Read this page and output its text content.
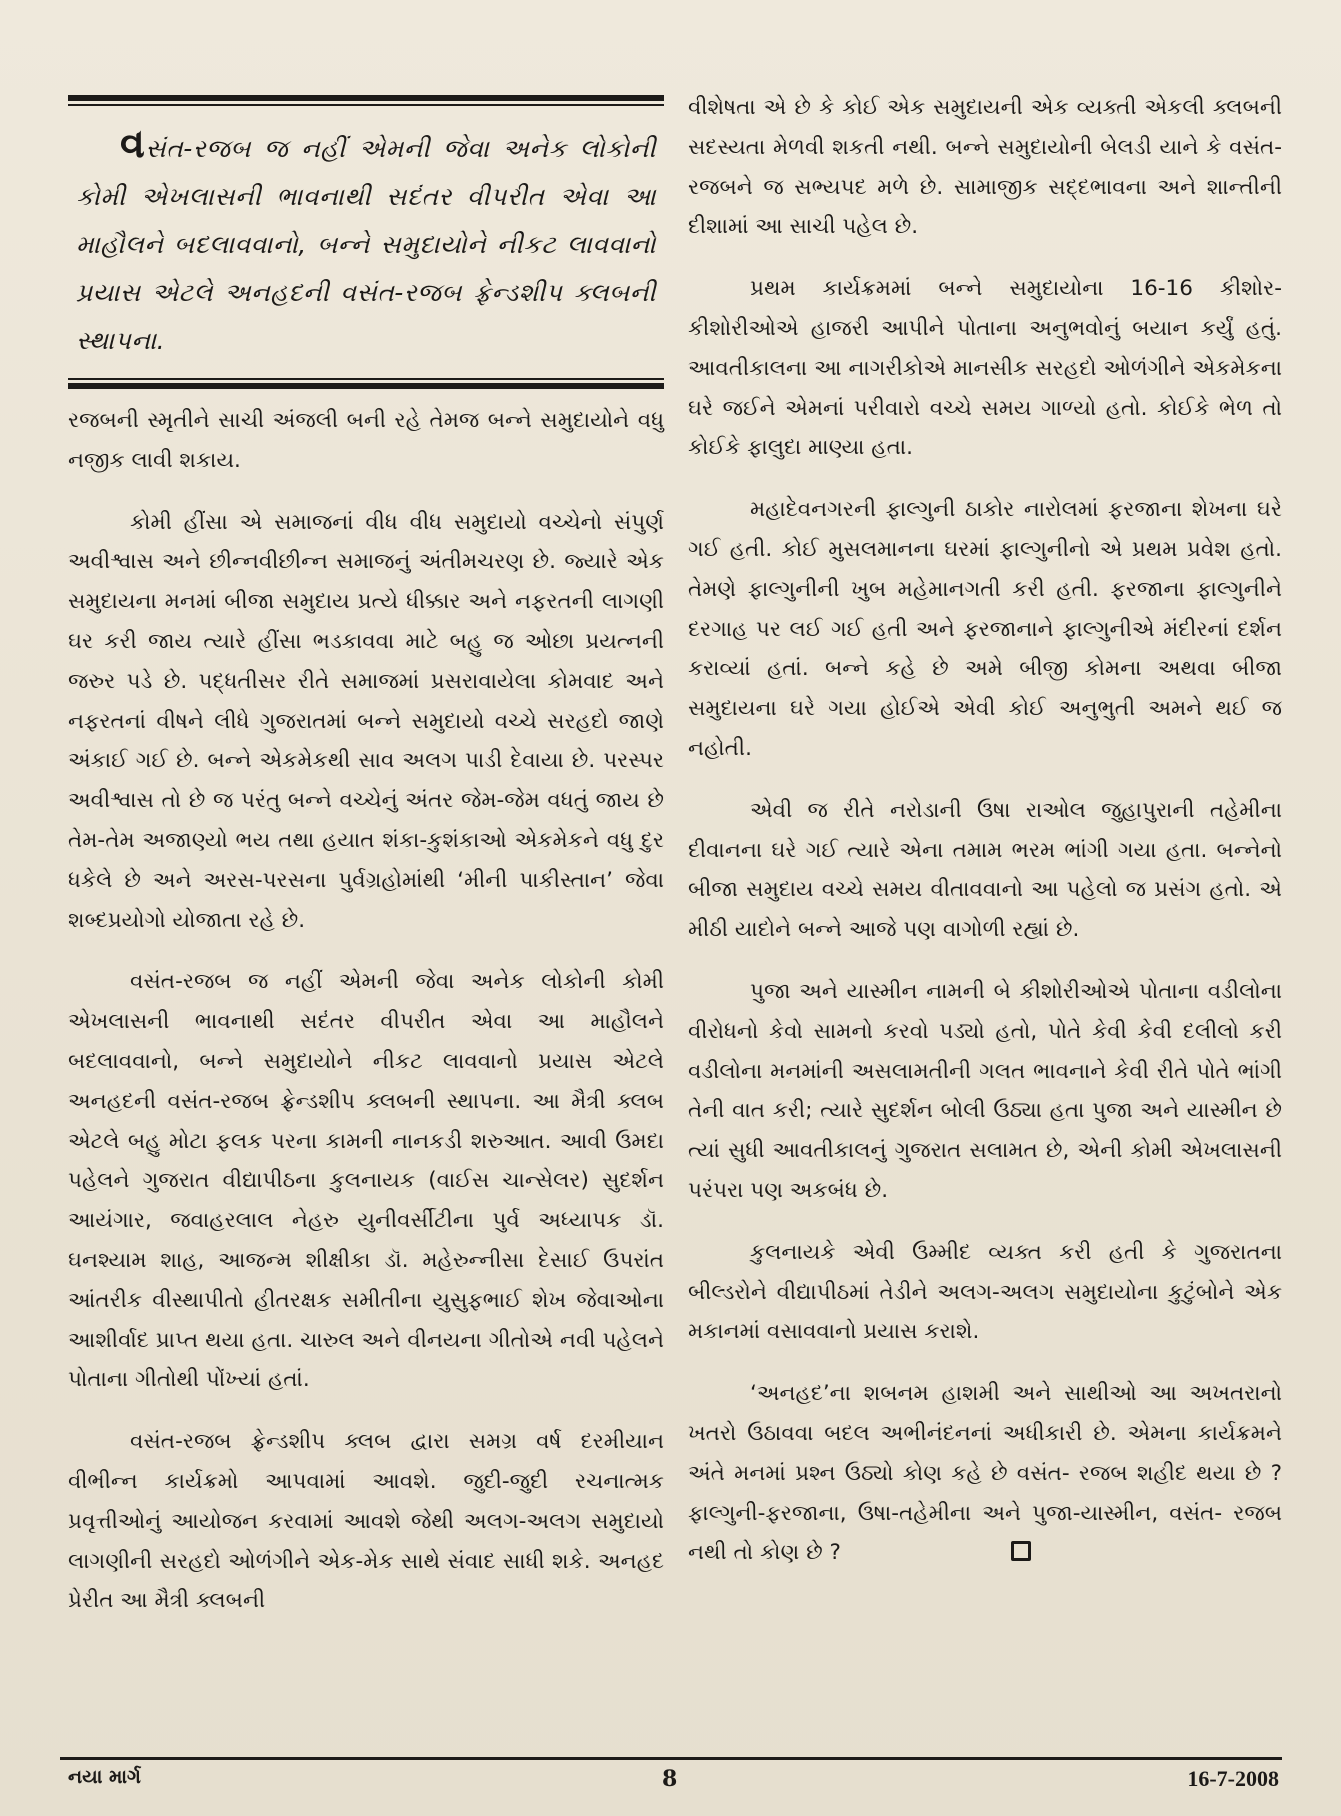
વસંત-રજબ જ નહીં એમની જેવા અનેક લોકોની કોમી એખલાસની ભાવનાથી સદંતર વીપરીત એવા આ માહૌલને બદલાવવાનો, બન્ને સમુદાયોને નીકટ લાવવાનો પ્રયાસ એટલે અનહદની વસંત-રજબ ફ્રેન્ડશીપ ક્લબની સ્થાપના.

રજબની સ્મૃતીને સાચી અંજલી બની રહે તેમજ બન્ને સમુદાયોને વધુ નજીક લાવી શકાય.

કોમી હીંસા એ સમાજનાં વીધ વીધ સમુદાયો વચ્ચેનો સંપુર્ણ અવીશ્વાસ અને છીન્નવીછીન્ન સમાજનું અંતીમચરણ છે. જ્યારે એક સમુદાયના મનમાં બીજા સમુદાય પ્રત્યે ધીક્કાર અને નફરતની લાગણી ઘર કરી જાય ત્યારે હીંસા ભડકાવવા માટે બહુ જ ઓછા પ્રયત્નની જરુર પડે છે. પદ્ધતીસર રીતે સમાજમાં પ્રસરાવાયેલા કોમવાદ અને નફરતનાં વીષને લીધે ગુજરાતમાં બન્ને સમુદાયો વચ્ચે સરહદો જાણે અંકાઈ ગઈ છે. બન્ને એકમેકથી સાવ અલગ પાડી દેવાયા છે. પરસ્પર અવીશ્વાસ તો છે જ પરંતુ બન્ને વચ્ચેનું અંતર જેમ-જેમ વધતું જાય છે તેમ-તેમ અજાણ્યો ભય તથા હયાત શંકા-કુશંકાઓ એકમેકને વધુ દુર ધકેલે છે અને અરસ-પરસના પુર્વગ્રહોમાંથી ‘મીની પાકીસ્તાન’ જેવા શબ્દપ્રયોગો યોજાતા રહે છે.

વસંત-રજબ જ નહીં એમની જેવા અનેક લોકોની કોમી એખલાસની ભાવનાથી સદંતર વીપરીત એવા આ માહૌલને બદલાવવાનો, બન્ને સમુદાયોને નીકટ લાવવાનો પ્રયાસ એટલે અનહદની વસંત-રજબ ફ્રેન્ડશીપ ક્લબની સ્થાપના. આ મૈત્રી ક્લબ એટલે બહુ મોટા ફલક પરના કામની નાનકડી શરુઆત. આવી ઉમદા પહેલને ગુજરાત વીદ્યાપીઠના કુલનાયક (વાઈસ ચાન્સેલર) સુદર્શન આયંગાર, જવાહરલાલ નેહરુ યુનીવર્સીટીના પુર્વ અધ્યાપક ડૉ. ઘનશ્યામ શાહ, આજન્મ શીક્ષીકા ડૉ. મહેરુન્નીસા દેસાઈ ઉપરાંત આંતરીક વીસ્થાપીતો હીતરક્ષક સમીતીના યુસુફભાઈ શેખ જેવાઓના આશીર્વાદ પ્રાપ્ત થયા હતા. ચારુલ અને વીનયના ગીતોએ નવી પહેલને પોતાના ગીતોથી પોંખ્યાં હતાં.

વસંત-રજબ ફ્રેન્ડશીપ ક્લબ દ્વારા સમગ્ર વર્ષ દરમીયાન વીભીન્ન કાર્યક્રમો આપવામાં આવશે. જુદી-જુદી રચનાત્મક પ્રવૃત્તીઓનું આયોજન કરવામાં આવશે જેથી અલગ-અલગ સમુદાયો લાગણીની સરહદો ઓળંગીને એક-મેક સાથે સંવાદ સાધી શકે. અનહદ પ્રેરીત આ મૈત્રી ક્લબની

વીશેષતા એ છે કે કોઈ એક સમુદાયની એક વ્યક્તી એકલી ક્લબની સદસ્યતા મેળવી શકતી નથી. બન્ને સમુદાયોની બેલડી યાને કે વસંત-રજબને જ સભ્યપદ મળે છે. સામાજીક સદ્દભાવના અને શાન્તીની દીશામાં આ સાચી પહેલ છે.

પ્રથમ કાર્યક્રમમાં બન્ને સમુદાયોના 16-16 કીશોર-કીશોરીઓએ હાજરી આપીને પોતાના અનુભવોનું બયાન કર્યું હતું. આવતીકાલના આ નાગરીકોએ માનસીક સરહદો ઓળંગીને એકમેકના ઘરે જઈને એમનાં પરીવારો વચ્ચે સમય ગાળ્યો હતો. કોઈકે ભેળ તો કોઈકે ફાલુદા માણ્યા હતા.

મહાદેવનગરની ફાલ્ગુની ઠાકોર નારોલમાં ફરજાના શેખના ઘરે ગઈ હતી. કોઈ મુસલમાનના ઘરમાં ફાલ્ગુનીનો એ પ્રથમ પ્રવેશ હતો. તેમણે ફાલ્ગુનીની ખુબ મહેમાનગતી કરી હતી. ફરજાના ફાલ્ગુનીને દરગાહ પર લઈ ગઈ હતી અને ફરજાનાને ફાલ્ગુનીએ મંદીરનાં દર્શન કરાવ્યાં હતાં. બન્ને કહે છે અમે બીજી કોમના અથવા બીજા સમુદાયના ઘરે ગયા હોઈએ એવી કોઈ અનુભુતી અમને થઈ જ નહોતી.

એવી જ રીતે નરોડાની ઉષા રાઓલ જુહાપુરાની તહેમીના દીવાનના ઘરે ગઈ ત્યારે એના તમામ ભરમ ભાંગી ગયા હતા. બન્નેનો બીજા સમુદાય વચ્ચે સમય વીતાવવાનો આ પહેલો જ પ્રસંગ હતો. એ મીઠી યાદોને બન્ને આજે પણ વાગોળી રહ્યાં છે.

પુજા અને યાસ્મીન નામની બે કીશોરીઓએ પોતાના વડીલોના વીરોધનો કેવો સામનો કરવો પડ્યો હતો, પોતે કેવી કેવી દલીલો કરી વડીલોના મનમાંની અસલામતીની ગલત ભાવનાને કેવી રીતે પોતે ભાંગી તેની વાત કરી; ત્યારે સુદર્શન બોલી ઉઠ્યા હતા પુજા અને યાસ્મીન છે ત્યાં સુધી આવતીકાલનું ગુજરાત સલામત છે, એની કોમી એખલાસની પરંપરા પણ અકબંધ છે.

કુલનાયકે એવી ઉમ્મીદ વ્યક્ત કરી હતી કે ગુજરાતના બીલ્ડરોને વીદ્યાપીઠમાં તેડીને અલગ-અલગ સમુદાયોના કુટુંબોને એક મકાનમાં વસાવવાનો પ્રયાસ કરાશે.

‘અનહદ’ના શબનમ હાશમી અને સાથીઓ આ અખતરાનો ખતરો ઉઠાવવા બદલ અભીનંદનનાં અધીકારી છે. એમના કાર્યક્રમને અંતે મનમાં પ્રશ્ન ઉઠ્યો કોણ કહે છે વસંત- રજબ શહીદ થયા છે ? ફાલ્ગુની-ફરજાના, ઉષા-તહેમીના અને પુજા-યાસ્મીન, વસંત- રજબ નથી તો કોણ છે ?

નયા માર્ગ	8	16-7-2008
